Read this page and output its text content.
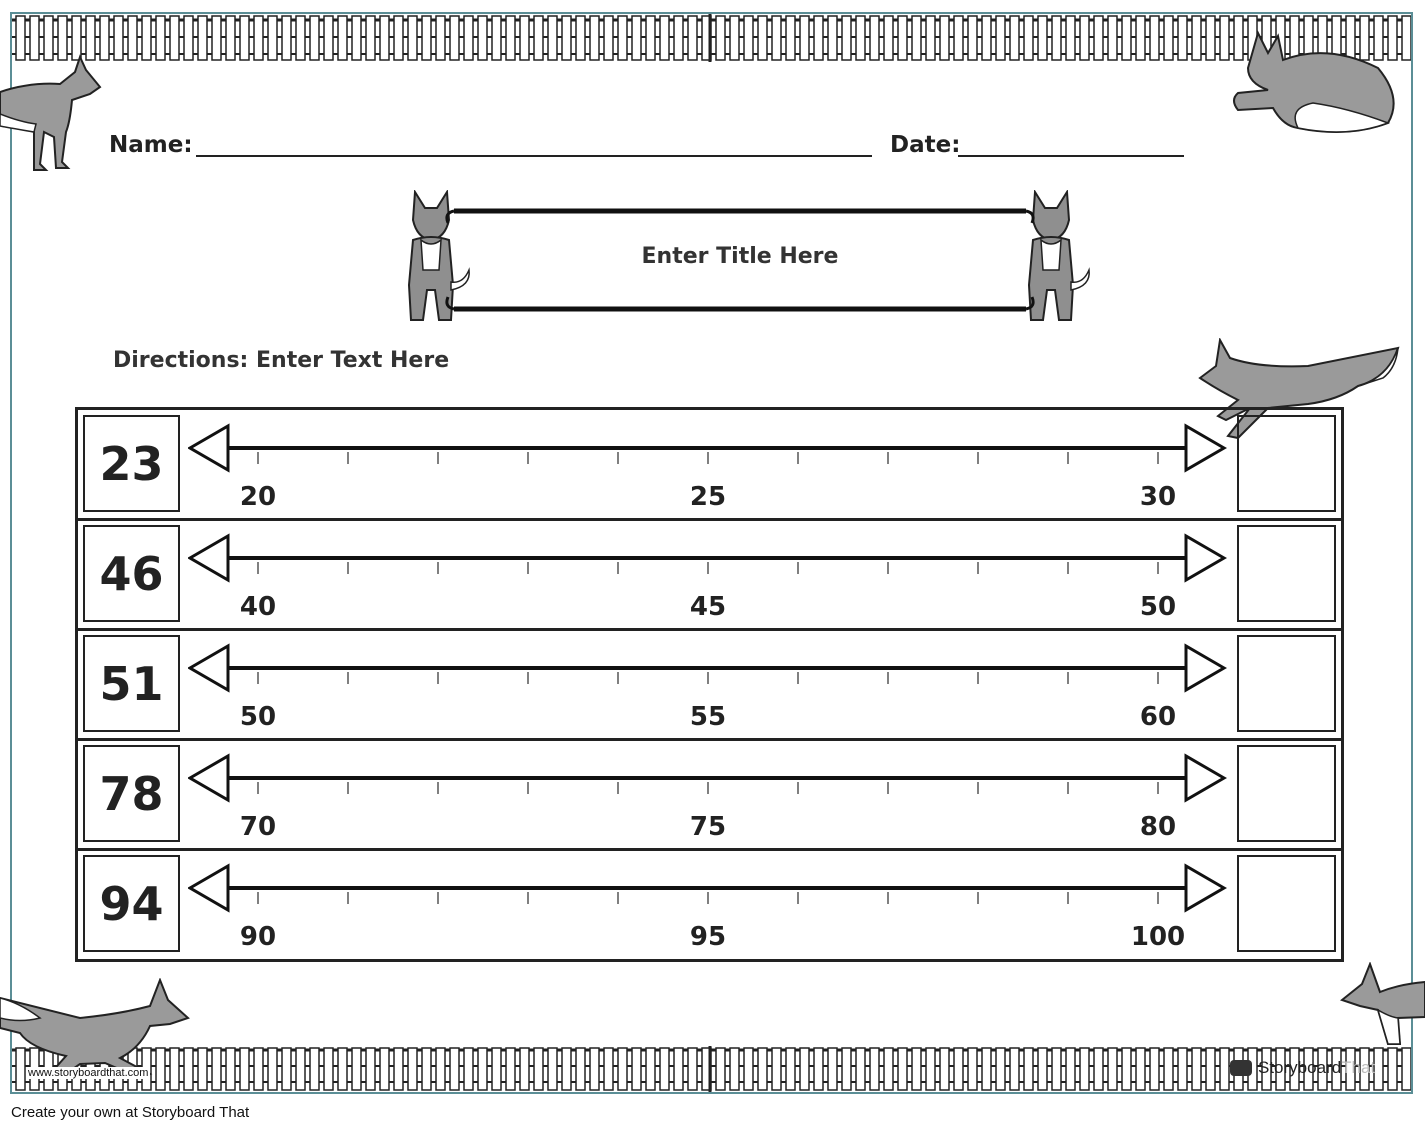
Name:	Date:
Enter Title Here
Directions: Enter Text Here
23
20	25	30
46
40	45	50
51
50	55	60
78
70	75	80
94
90	95	100
www.storyboardthat.com	Storyboard That
Create your own at Storyboard That
